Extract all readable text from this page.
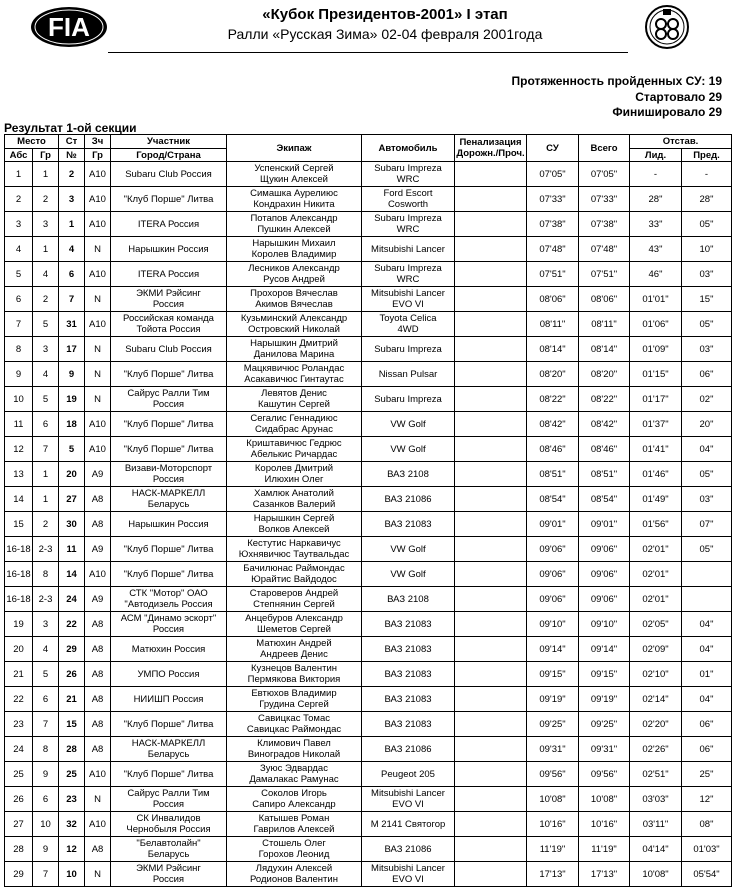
FIA	«Кубок Президентов-2001» I этап
Ралли «Русская Зима» 02-04 февраля 2001года
Протяженность пройденных СУ: 19
Стартовало 29
Финишировало 29
Результат 1-ой секции
Место		Ст	Зч	Участник	Экипаж	Автомобиль	Пенализация
Дорожн./Проч.	СУ	Всего	Отстав.	
Абс	Гр	№	Гр	Город/Страна						Лид.	Пред.
1	1	2	A10	Subaru Club Россия	Успенский Сергей
Щукин Алексей	Subaru Impreza
WRC		07'05"	07'05"	-	-
2	2	3	A10	"Клуб Порше" Литва	Симашка Аурелиюс
Кондрахин Никита	Ford Escort
Cosworth		07'33"	07'33"	28"	28"
3	3	1	A10	ITERA Россия	Потапов Александр
Пушкин Алексей	Subaru Impreza
WRC		07'38"	07'38"	33"	05"
4	1	4	N	Нарышкин Россия	Нарышкин Михаил
Королев Владимир	Mitsubishi Lancer		07'48"	07'48"	43"	10"
5	4	6	A10	ITERA Россия	Лесников Александр
Русов Андрей	Subaru Impreza
WRC		07'51"	07'51"	46"	03"
6	2	7	N	ЭКМИ Рэйсинг
Россия	Прохоров Вячеслав
Акимов Вячеслав	Mitsubishi Lancer
EVO VI		08'06"	08'06"	01'01"	15"
7	5	31	A10	Российская команда
Тойота Россия	Кузьминский Александр
Островский Николай	Toyota Celica
4WD		08'11"	08'11"	01'06"	05"
8	3	17	N	Subaru Club Россия	Нарышкин Дмитрий
Данилова Марина	Subaru Impreza		08'14"	08'14"	01'09"	03"
9	4	9	N	"Клуб Порше" Литва	Мацкявичюс Роландас
Асакавичюс Гинтаутас	Nissan Pulsar		08'20"	08'20"	01'15"	06"
10	5	19	N	Сайрус Ралли Тим
Россия	Левятов Денис
Кашутин Сергей	Subaru Impreza		08'22"	08'22"	01'17"	02"
11	6	18	A10	"Клуб Порше" Литва	Сегалис Геннадиюс
Сидабрас Арунас	VW Golf		08'42"	08'42"	01'37"	20"
12	7	5	A10	"Клуб Порше" Литва	Криштавичюс Гедрюс
Абелькис Ричардас	VW Golf		08'46"	08'46"	01'41"	04"
13	1	20	A9	Визави-Моторспорт
Россия	Королев Дмитрий
Илюхин Олег	ВАЗ 2108		08'51"	08'51"	01'46"	05"
14	1	27	A8	НАСК-МАРКЕЛЛ
Беларусь	Хамлюк Анатолий
Сазанков Валерий	ВАЗ 21086		08'54"	08'54"	01'49"	03"
15	2	30	A8	Нарышкин Россия	Нарышкин Сергей
Волков Алексей	ВАЗ 21083		09'01"	09'01"	01'56"	07"
16-18	2-3	11	A9	"Клуб Порше" Литва	Кестутис Наркавичус
Юхнявичюс Таутвальдас	VW Golf		09'06"	09'06"	02'01"	05"
16-18	8	14	A10	"Клуб Порше" Литва	Бачилюнас Раймондас
Юрайтис Вайдодос	VW Golf		09'06"	09'06"	02'01"	
16-18	2-3	24	A9	СТК "Мотор" ОАО
"Автодизель Россия	Староверов Андрей
Степнянин Сергей	ВАЗ 2108		09'06"	09'06"	02'01"	
19	3	22	A8	АСМ "Динамо эскорт"
Россия	Анцебуров Александр
Шеметов Сергей	ВАЗ 21083		09'10"	09'10"	02'05"	04"
20	4	29	A8	Матюхин Россия	Матюхин Андрей
Андреев Денис	ВАЗ 21083		09'14"	09'14"	02'09"	04"
21	5	26	A8	УМПО Россия	Кузнецов Валентин
Пермякова Виктория	ВАЗ 21083		09'15"	09'15"	02'10"	01"
22	6	21	A8	НИИШП Россия	Евтюхов Владимир
Грудина Сергей	ВАЗ 21083		09'19"	09'19"	02'14"	04"
23	7	15	A8	"Клуб Порше" Литва	Савицкас Томас
Савицкас Раймондас	ВАЗ 21083		09'25"	09'25"	02'20"	06"
24	8	28	A8	НАСК-МАРКЕЛЛ
Беларусь	Климович Павел
Виноградов Николай	ВАЗ 21086		09'31"	09'31"	02'26"	06"
25	9	25	A10	"Клуб Порше" Литва	Зуюс Эдвардас
Дамалакас Рамунас	Peugeot 205		09'56"	09'56"	02'51"	25"
26	6	23	N	Сайрус Ралли Тим
Россия	Соколов Игорь
Сапиро Александр	Mitsubishi Lancer
EVO VI		10'08"	10'08"	03'03"	12"
27	10	32	A10	СК Инвалидов
Чернобыля Россия	Катышев Роман
Гаврилов Алексей	М 2141 Святогор		10'16"	10'16"	03'11"	08"
28	9	12	A8	"Белавтолайн"
Беларусь	Стошель Олег
Горохов Леонид	ВАЗ 21086		11'19"	11'19"	04'14"	01'03"
29	7	10	N	ЭКМИ Рэйсинг
Россия	Лядухин Алексей
Родионов Валентин	Mitsubishi Lancer
EVO VI		17'13"	17'13"	10'08"	05'54"
